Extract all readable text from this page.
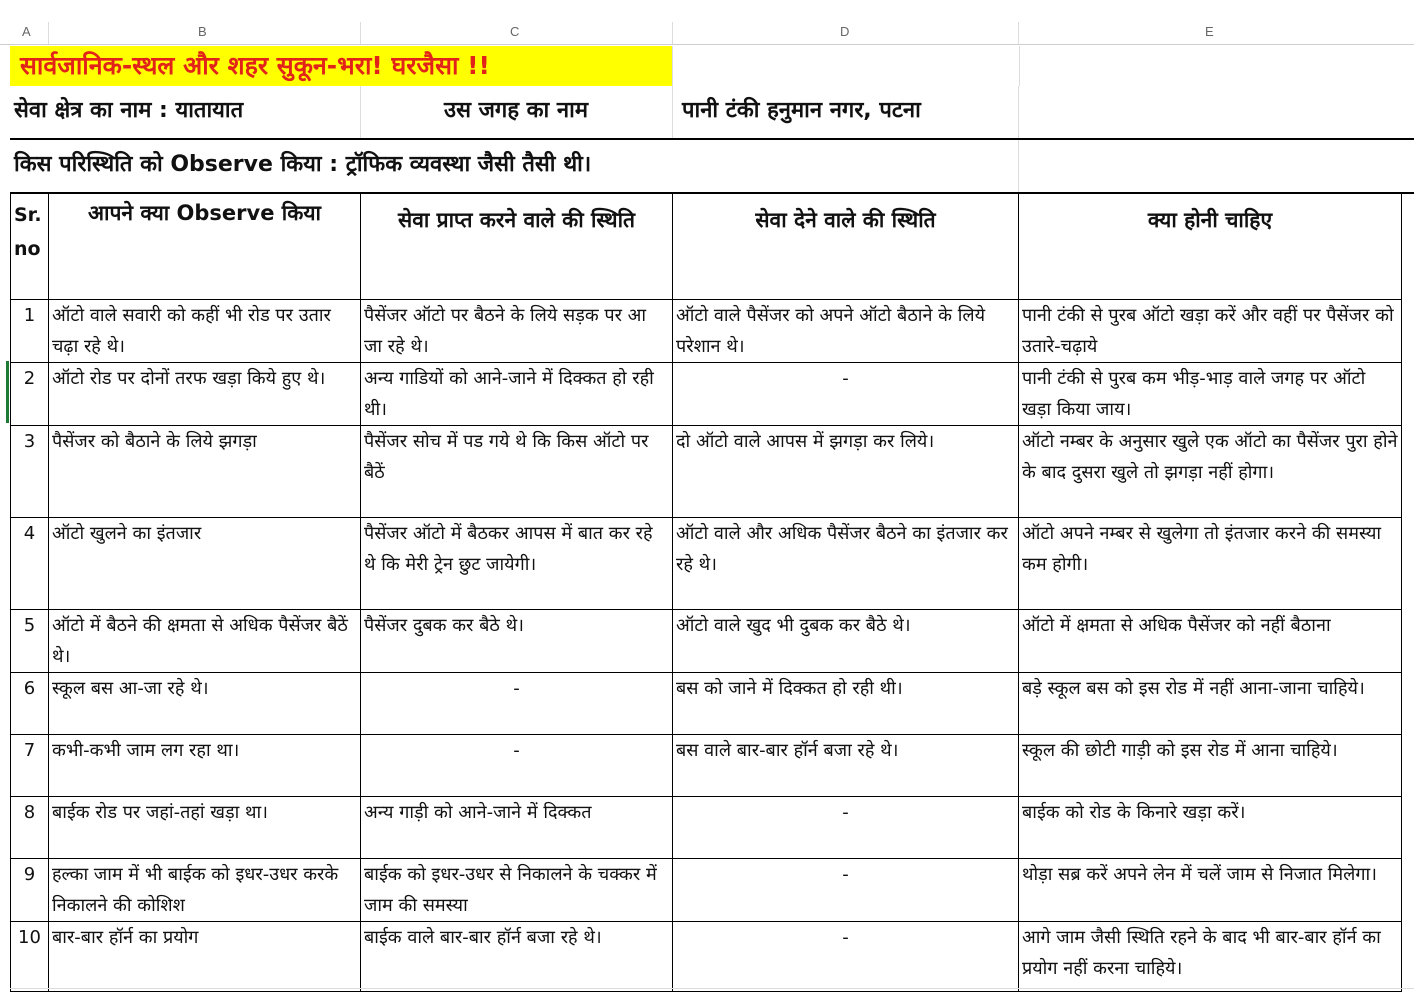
A	B	C	D	E
सार्वजानिक-स्थल और शहर सुकून-भरा! घरजैसा !!
सेवा क्षेत्र का नाम : यातायात	उस जगह का नाम	पानी टंकी हनुमान नगर, पटना
किस परिस्थिति को Observe किया : ट्रॉफिक व्यवस्था जैसी तैसी थी।
Sr. no	आपने क्या Observe किया	सेवा प्राप्त करने वाले की स्थिति	सेवा देने वाले की स्थिति	क्या होनी चाहिए
1	ऑटो वाले सवारी को कहीं भी रोड पर उतार चढ़ा रहे थे।	पैसेंजर ऑटो पर बैठने के लिये सड़क पर आ जा रहे थे।	ऑटो वाले पैसेंजर को अपने ऑटो बैठाने के लिये परेशान थे।	पानी टंकी से पुरब ऑटो खड़ा करें और वहीं पर पैसेंजर को उतारे-चढ़ाये
2	ऑटो रोड पर दोनों तरफ खड़ा किये हुए थे।	अन्य गाडियों को आने-जाने में दिक्कत हो रही थी।	-	पानी टंकी से पुरब कम भीड़-भाड़ वाले जगह पर ऑटो खड़ा किया जाय।
3	पैसेंजर को बैठाने के लिये झगड़ा	पैसेंजर सोच में पड गये थे कि किस ऑटो पर बैठें	दो ऑटो वाले आपस में झगड़ा कर लिये।	ऑटो नम्बर के अनुसार खुले एक ऑटो का पैसेंजर पुरा होने के बाद दुसरा खुले तो झगड़ा नहीं होगा।
4	ऑटो खुलने का इंतजार	पैसेंजर ऑटो में बैठकर आपस में बात कर रहे थे कि मेरी ट्रेन छुट जायेगी।	ऑटो वाले और अधिक पैसेंजर बैठने का इंतजार कर रहे थे।	ऑटो अपने नम्बर से खुलेगा तो इंतजार करने की समस्या कम होगी।
5	ऑटो में बैठने की क्षमता से अधिक पैसेंजर बैठें थे।	पैसेंजर दुबक कर बैठे थे।	ऑटो वाले खुद भी दुबक कर बैठे थे।	ऑटो में क्षमता से अधिक पैसेंजर को नहीं बैठाना
6	स्कूल बस आ-जा रहे थे।	-	बस को जाने में दिक्कत हो रही थी।	बड़े स्कूल बस को इस रोड में नहीं आना-जाना चाहिये।
7	कभी-कभी जाम लग रहा था।	-	बस वाले बार-बार हॉर्न बजा रहे थे।	स्कूल की छोटी गाड़ी को इस रोड में आना चाहिये।
8	बाईक रोड पर जहां-तहां खड़ा था।	अन्य गाड़ी को आने-जाने में दिक्कत	-	बाईक को रोड के किनारे खड़ा करें।
9	हल्का जाम में भी बाईक को इधर-उधर करके निकालने की कोशिश	बाईक को इधर-उधर से निकालने के चक्कर में जाम की समस्या	-	थोड़ा सब्र करें अपने लेन में चलें जाम से निजात मिलेगा।
10	बार-बार हॉर्न का प्रयोग	बाईक वाले बार-बार हॉर्न बजा रहे थे।	-	आगे जाम जैसी स्थिति रहने के बाद भी बार-बार हॉर्न का प्रयोग नहीं करना चाहिये।
